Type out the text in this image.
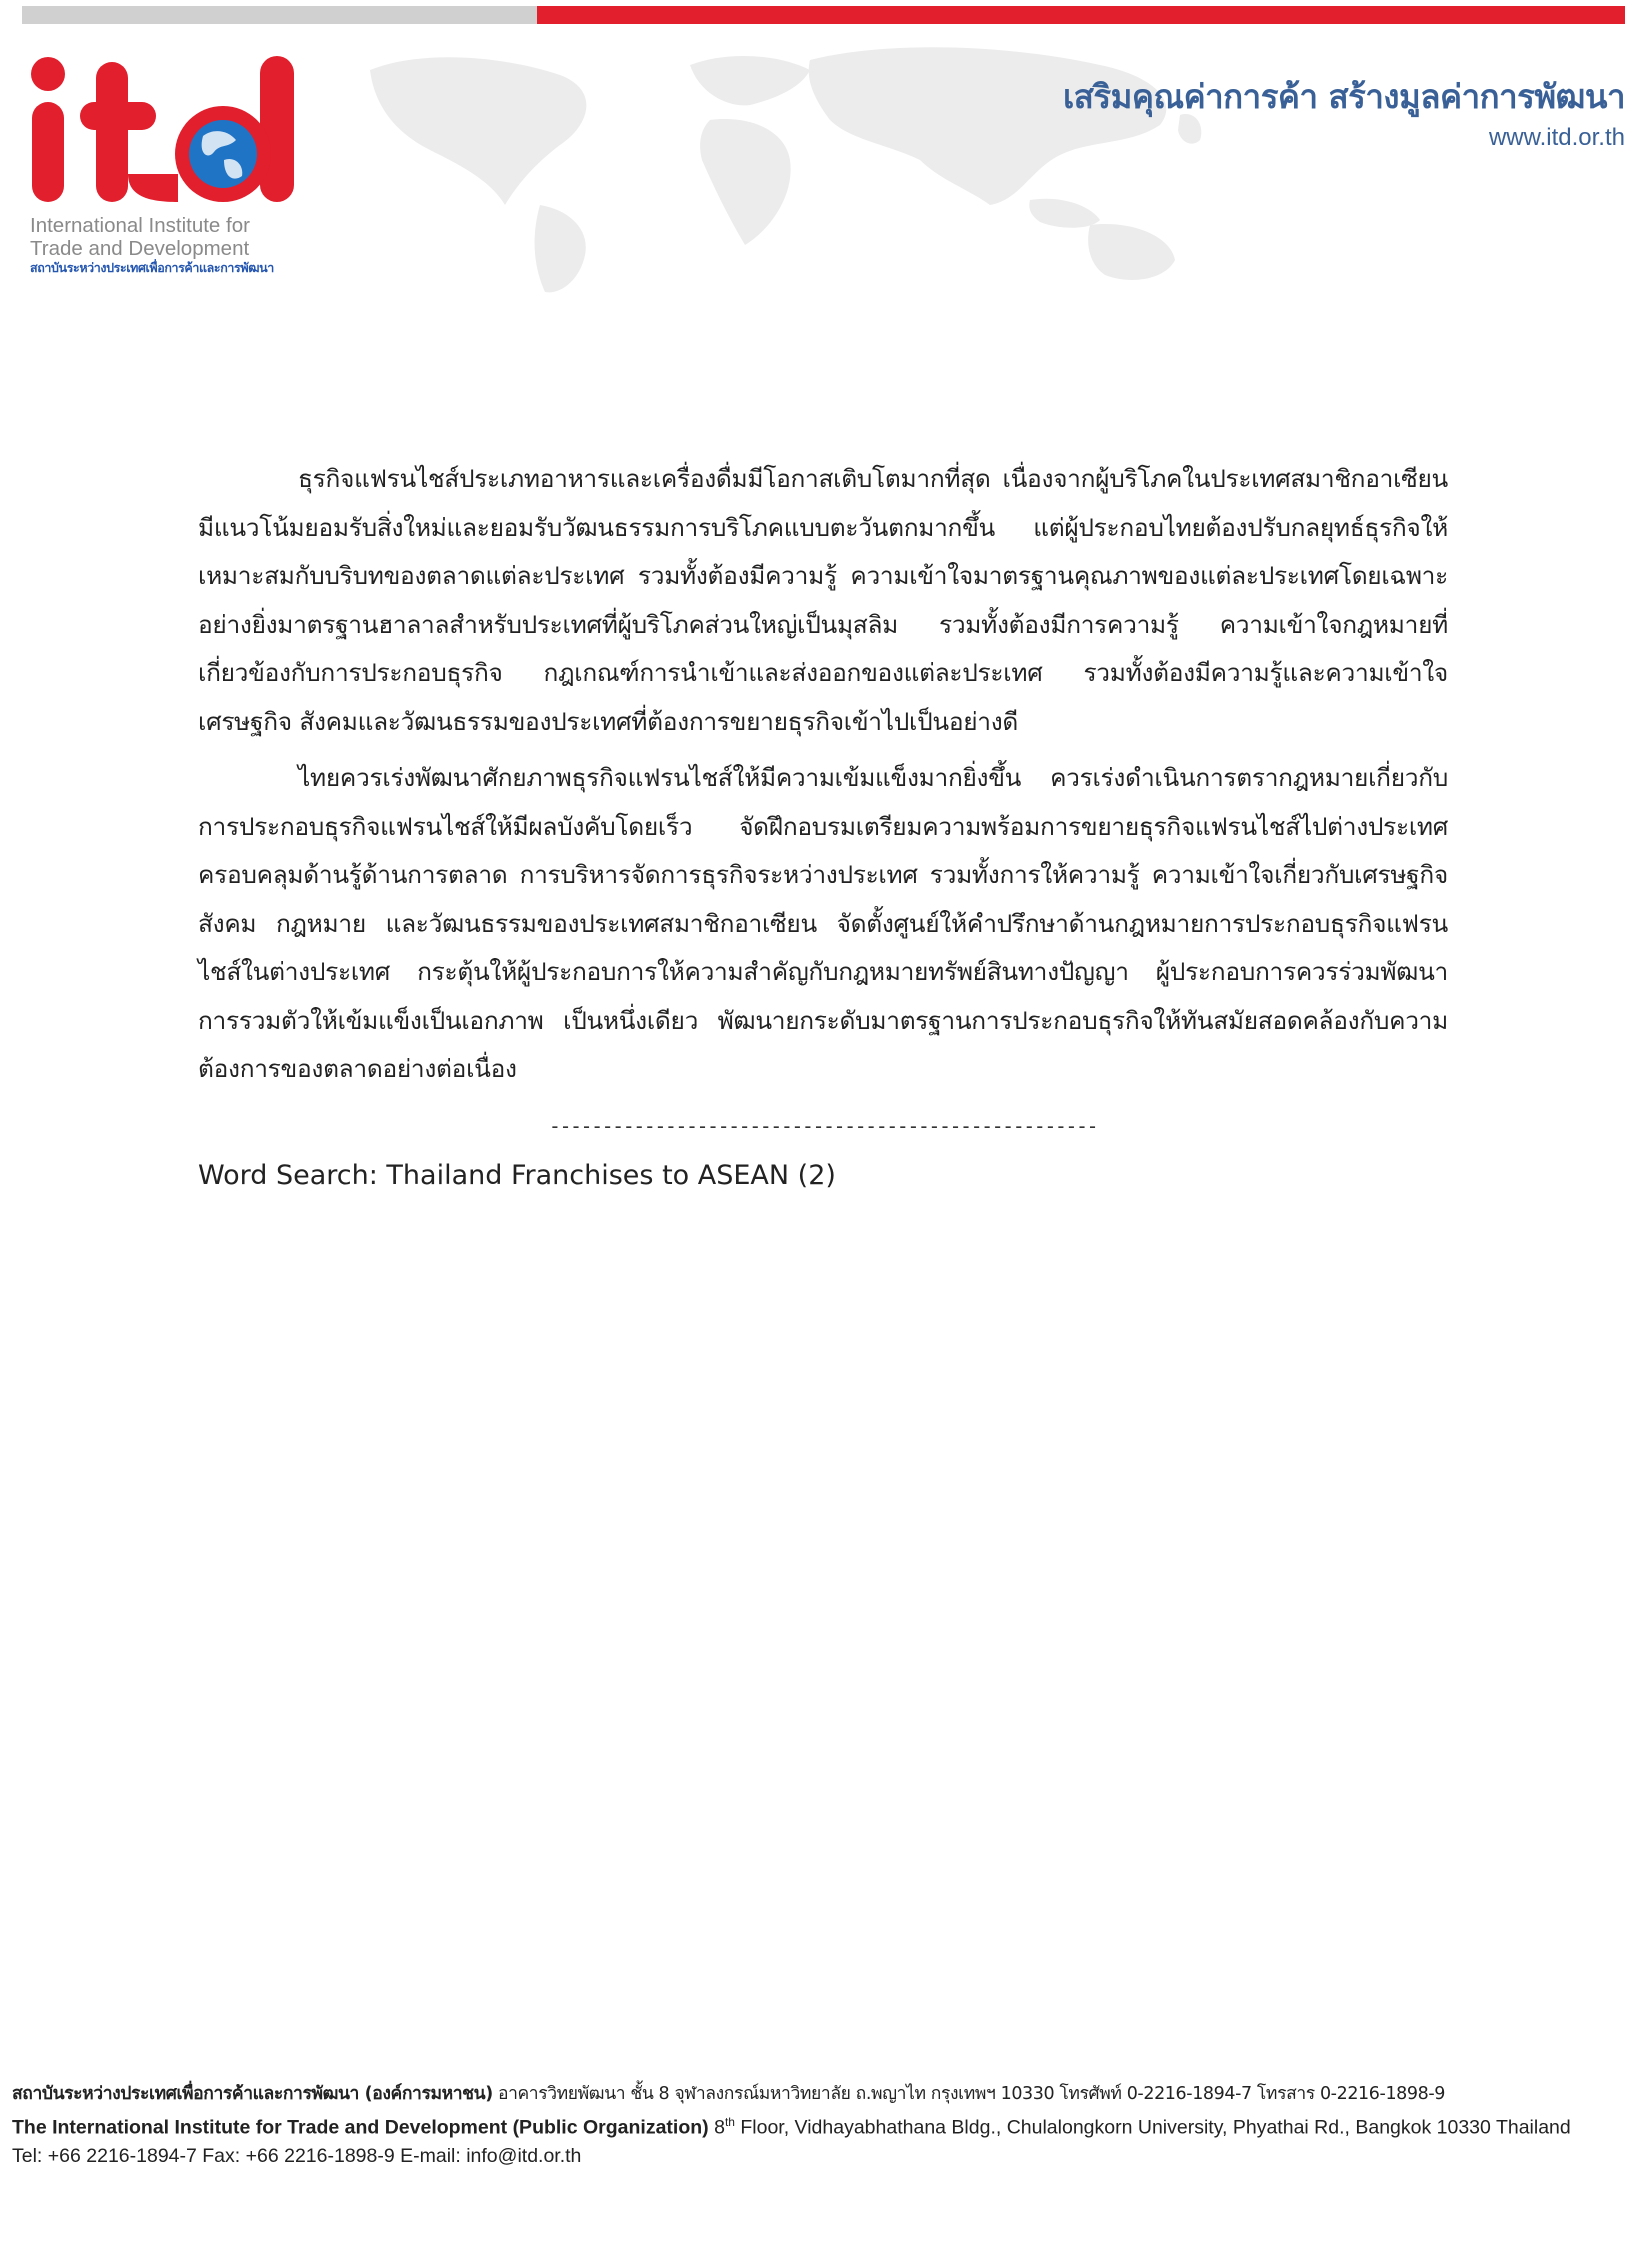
International Institute for
Trade and Development
สถาบันระหว่างประเทศเพื่อการค้าและการพัฒนา
เสริมคุณค่าการค้า สร้างมูลค่าการพัฒนา
www.itd.or.th

ธุรกิจแฟรนไชส์ประเภทอาหารและเครื่องดื่มมีโอกาสเติบโตมากที่สุด เนื่องจากผู้บริโภคในประเทศสมาชิกอาเซียนมีแนวโน้มยอมรับสิ่งใหม่และยอมรับวัฒนธรรมการบริโภคแบบตะวันตกมากขึ้น แต่ผู้ประกอบไทยต้องปรับกลยุทธ์ธุรกิจให้เหมาะสมกับบริบทของตลาดแต่ละประเทศ รวมทั้งต้องมีความรู้ ความเข้าใจมาตรฐานคุณภาพของแต่ละประเทศโดยเฉพาะอย่างยิ่งมาตรฐานฮาลาลสำหรับประเทศที่ผู้บริโภคส่วนใหญ่เป็นมุสลิม รวมทั้งต้องมีการความรู้ ความเข้าใจกฎหมายที่เกี่ยวข้องกับการประกอบธุรกิจ กฎเกณฑ์การนำเข้าและส่งออกของแต่ละประเทศ รวมทั้งต้องมีความรู้และความเข้าใจเศรษฐกิจ สังคมและวัฒนธรรมของประเทศที่ต้องการขยายธุรกิจเข้าไปเป็นอย่างดี

ไทยควรเร่งพัฒนาศักยภาพธุรกิจแฟรนไชส์ให้มีความเข้มแข็งมากยิ่งขึ้น ควรเร่งดำเนินการตรากฎหมายเกี่ยวกับการประกอบธุรกิจแฟรนไชส์ให้มีผลบังคับโดยเร็ว จัดฝึกอบรมเตรียมความพร้อมการขยายธุรกิจแฟรนไชส์ไปต่างประเทศ ครอบคลุมด้านรู้ด้านการตลาด การบริหารจัดการธุรกิจระหว่างประเทศ รวมทั้งการให้ความรู้ ความเข้าใจเกี่ยวกับเศรษฐกิจ สังคม กฎหมาย และวัฒนธรรมของประเทศสมาชิกอาเซียน จัดตั้งศูนย์ให้คำปรึกษาด้านกฎหมายการประกอบธุรกิจแฟรนไชส์ในต่างประเทศ กระตุ้นให้ผู้ประกอบการให้ความสำคัญกับกฎหมายทรัพย์สินทางปัญญา ผู้ประกอบการควรร่วมพัฒนาการรวมตัวให้เข้มแข็งเป็นเอกภาพ เป็นหนึ่งเดียว พัฒนายกระดับมาตรฐานการประกอบธุรกิจให้ทันสมัยสอดคล้องกับความต้องการของตลาดอย่างต่อเนื่อง

----------------------------------------------------
Word Search: Thailand Franchises to ASEAN (2)
สถาบันระหว่างประเทศเพื่อการค้าและการพัฒนา (องค์การมหาชน) อาคารวิทยพัฒนา ชั้น 8 จุฬาลงกรณ์มหาวิทยาลัย ถ.พญาไท กรุงเทพฯ 10330 โทรศัพท์ 0-2216-1894-7 โทรสาร 0-2216-1898-9
The International Institute for Trade and Development (Public Organization) 8th Floor, Vidhayabhathana Bldg., Chulalongkorn University, Phyathai Rd., Bangkok 10330 Thailand
Tel: +66 2216-1894-7 Fax: +66 2216-1898-9 E-mail: info@itd.or.th
